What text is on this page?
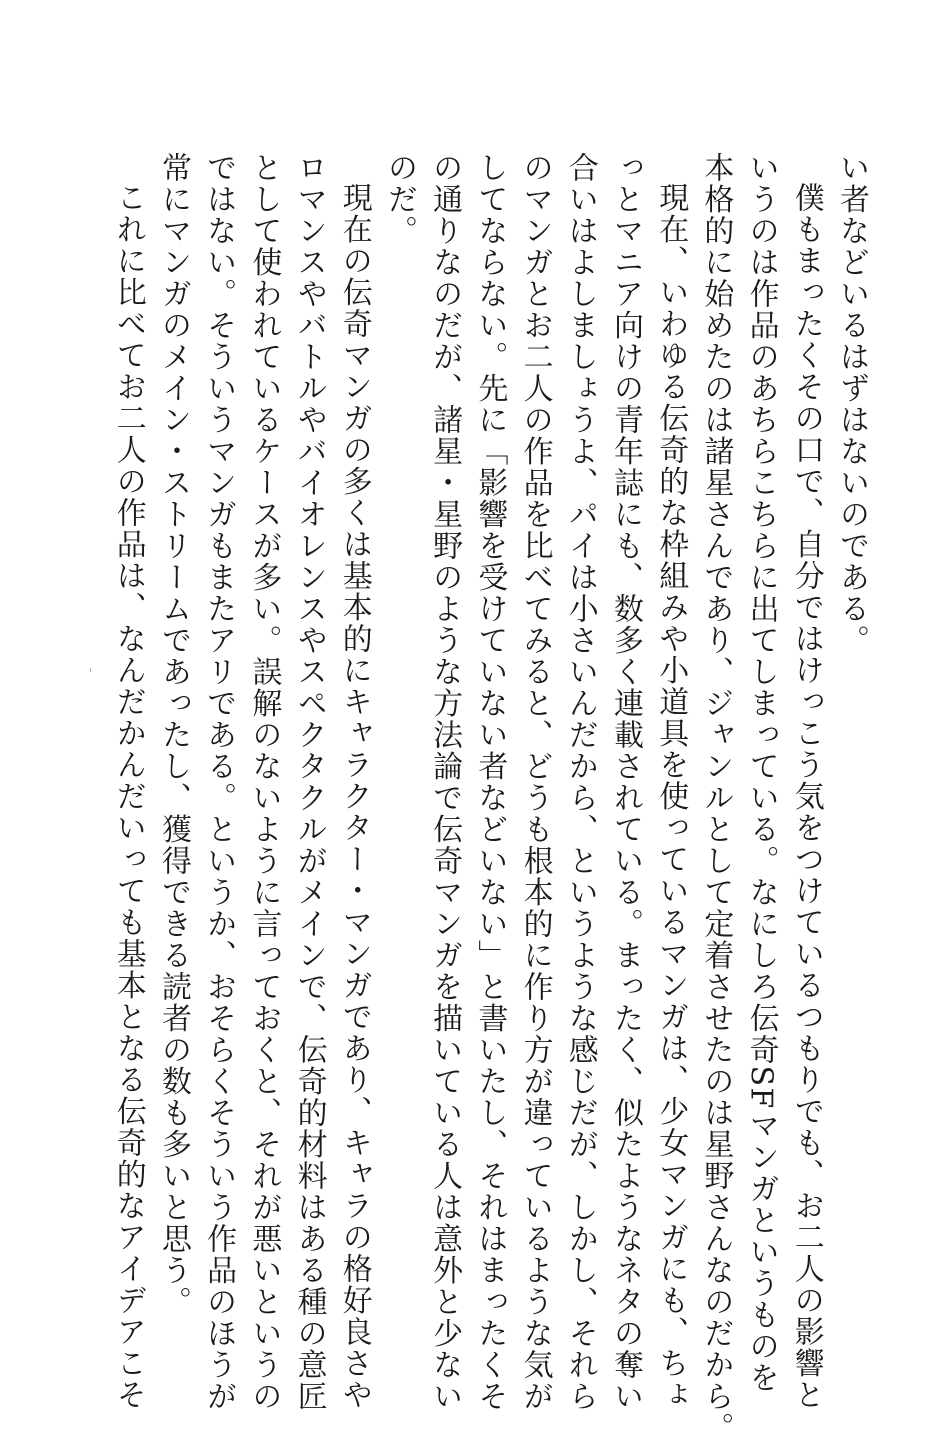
い者などいるはずはないのである。

僕もまったくその口で、自分ではけっこう気をつけているつもりでも、お二人の影響と

いうのは作品のあちらこちらに出てしまっている。なにしろ伝奇SFマンガというものを

本格的に始めたのは諸星さんであり、ジャンルとして定着させたのは星野さんなのだから。

現在、いわゆる伝奇的な枠組みや小道具を使っているマンガは、少女マンガにも、ちょ

っとマニア向けの青年誌にも、数多く連載されている。まったく、似たようなネタの奪い

合いはよしましょうよ、パイは小さいんだから、というような感じだが、しかし、それら

のマンガとお二人の作品を比べてみると、どうも根本的に作り方が違っているような気が

してならない。先に「影響を受けていない者などいない」と書いたし、それはまったくそ

の通りなのだが、諸星・星野のような方法論で伝奇マンガを描いている人は意外と少ない

のだ。

現在の伝奇マンガの多くは基本的にキャラクター・マンガであり、キャラの格好良さや

ロマンスやバトルやバイオレンスやスペクタクルがメインで、伝奇的材料はある種の意匠

として使われているケースが多い。誤解のないように言っておくと、それが悪いというの

ではない。そういうマンガもまたアリである。というか、おそらくそういう作品のほうが

常にマンガのメイン・ストリームであったし、獲得できる読者の数も多いと思う。

これに比べてお二人の作品は、なんだかんだいっても基本となる伝奇的なアイデアこそ
